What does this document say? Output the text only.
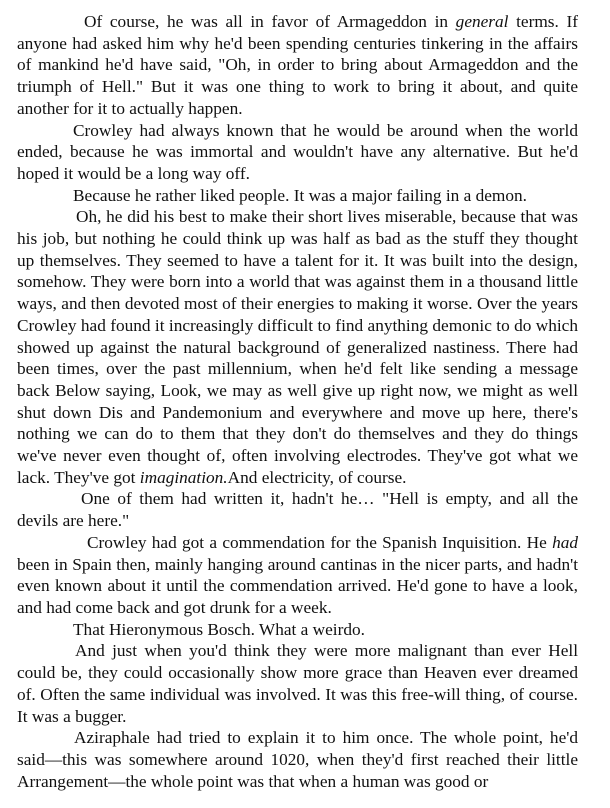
Of course, he was all in favor of Armageddon in general terms. If anyone had asked him why he'd been spending centuries tinkering in the affairs of mankind he'd have said, "Oh, in order to bring about Armageddon and the triumph of Hell." But it was one thing to work to bring it about, and quite another for it to actually happen.

Crowley had always known that he would be around when the world ended, because he was immortal and wouldn't have any alternative. But he'd hoped it would be a long way off.

Because he rather liked people. It was a major failing in a demon.

Oh, he did his best to make their short lives miserable, because that was his job, but nothing he could think up was half as bad as the stuff they thought up themselves. They seemed to have a talent for it. It was built into the design, somehow. They were born into a world that was against them in a thousand little ways, and then devoted most of their energies to making it worse. Over the years Crowley had found it increasingly difficult to find anything demonic to do which showed up against the natural background of generalized nastiness. There had been times, over the past millennium, when he'd felt like sending a message back Below saying, Look, we may as well give up right now, we might as well shut down Dis and Pandemonium and everywhere and move up here, there's nothing we can do to them that they don't do themselves and they do things we've never even thought of, often involving electrodes. They've got what we lack. They've got imagination.And electricity, of course.

One of them had written it, hadn't he… "Hell is empty, and all the devils are here."

Crowley had got a commendation for the Spanish Inquisition. He had been in Spain then, mainly hanging around cantinas in the nicer parts, and hadn't even known about it until the commendation arrived. He'd gone to have a look, and had come back and got drunk for a week.

That Hieronymous Bosch. What a weirdo.

And just when you'd think they were more malignant than ever Hell could be, they could occasionally show more grace than Heaven ever dreamed of. Often the same individual was involved. It was this free-will thing, of course. It was a bugger.

Aziraphale had tried to explain it to him once. The whole point, he'd said—this was somewhere around 1020, when they'd first reached their little Arrangement—the whole point was that when a human was good or
